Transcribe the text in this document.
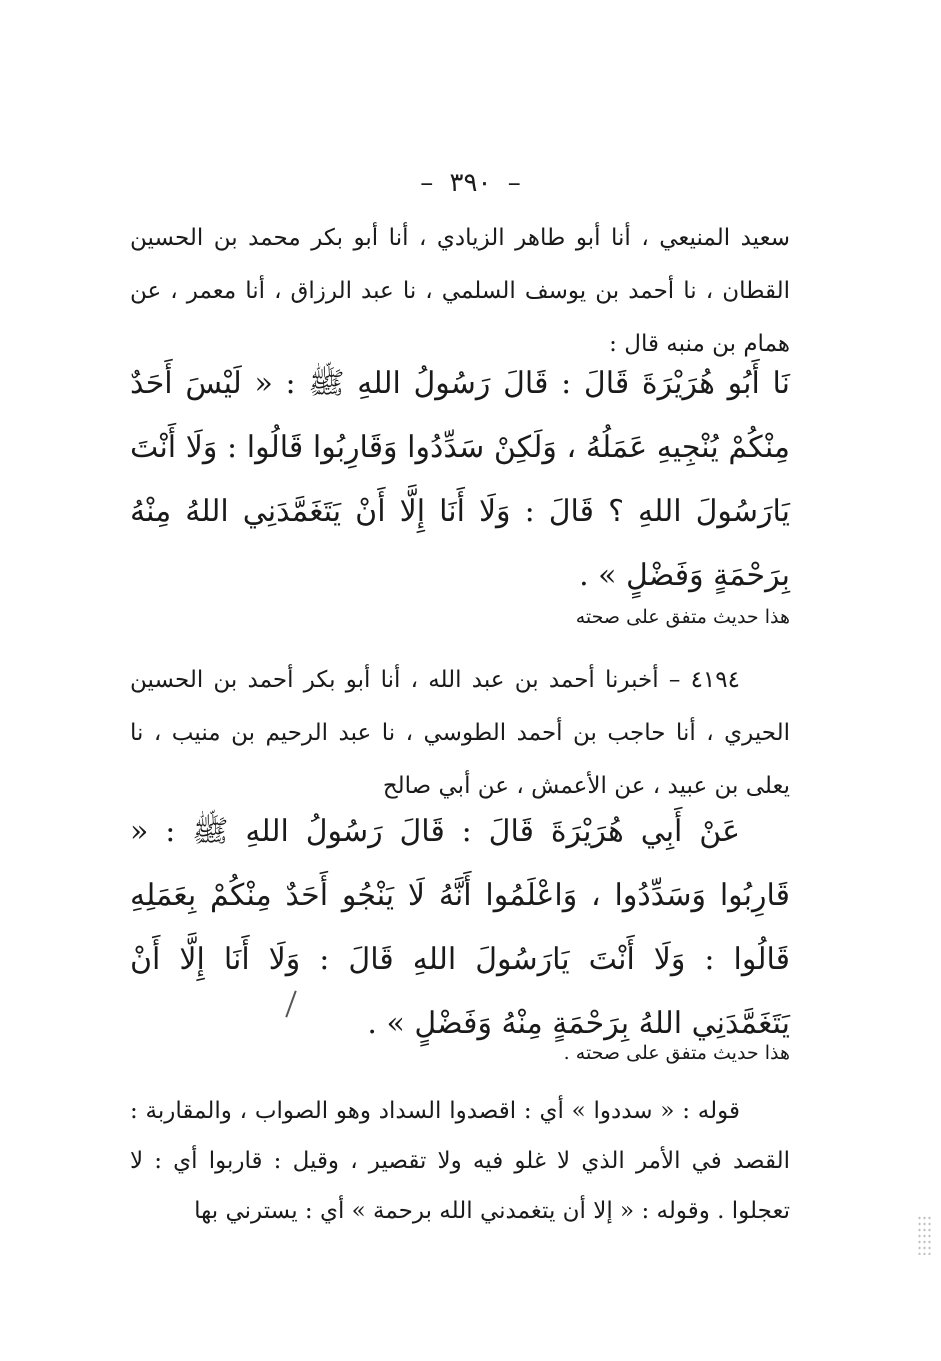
– ٣٩٠ –
سعيد المنيعي ، أنا أبو طاهر الزيادي ، أنا أبو بكر محمد بن الحسين القطان ، نا أحمد بن يوسف السلمي ، نا عبد الرزاق ، أنا معمر ، عن همام بن منبه قال :
نَا أَبُو هُرَيْرَةَ قَالَ : قَالَ رَسُولُ اللهِ ﷺ : « لَيْسَ أَحَدٌ مِنْكُمْ يُنْجِيهِ عَمَلُهُ ، وَلَكِنْ سَدِّدُوا وَقَارِبُوا قَالُوا : وَلَا أَنْتَ يَارَسُولَ اللهِ ؟ قَالَ : وَلَا أَنَا إِلَّا أَنْ يَتَغَمَّدَنِي اللهُ مِنْهُ بِرَحْمَةٍ وَفَضْلٍ » .
هذا حديث متفق على صحته
٤١٩٤ – أخبرنا أحمد بن عبد الله ، أنا أبو بكر أحمد بن الحسين الحيري ، أنا حاجب بن أحمد الطوسي ، نا عبد الرحيم بن منيب ، نا يعلى بن عبيد ، عن الأعمش ، عن أبي صالح
عَنْ أَبِي هُرَيْرَةَ قَالَ : قَالَ رَسُولُ اللهِ ﷺ : « قَارِبُوا وَسَدِّدُوا ، وَاعْلَمُوا أَنَّهُ لَا يَنْجُو أَحَدٌ مِنْكُمْ بِعَمَلِهِ قَالُوا : وَلَا أَنْتَ يَارَسُولَ اللهِ قَالَ : وَلَا أَنَا إِلَّا أَنْ يَتَغَمَّدَنِي اللهُ بِرَحْمَةٍ مِنْهُ وَفَضْلٍ » .
هذا حديث متفق على صحته .
قوله : « سددوا » أي : اقصدوا السداد وهو الصواب ، والمقاربة : القصد في الأمر الذي لا غلو فيه ولا تقصير ، وقيل : قاربوا أي : لا تعجلوا . وقوله : « إلا أن يتغمدني الله برحمة » أي : يسترني بها
